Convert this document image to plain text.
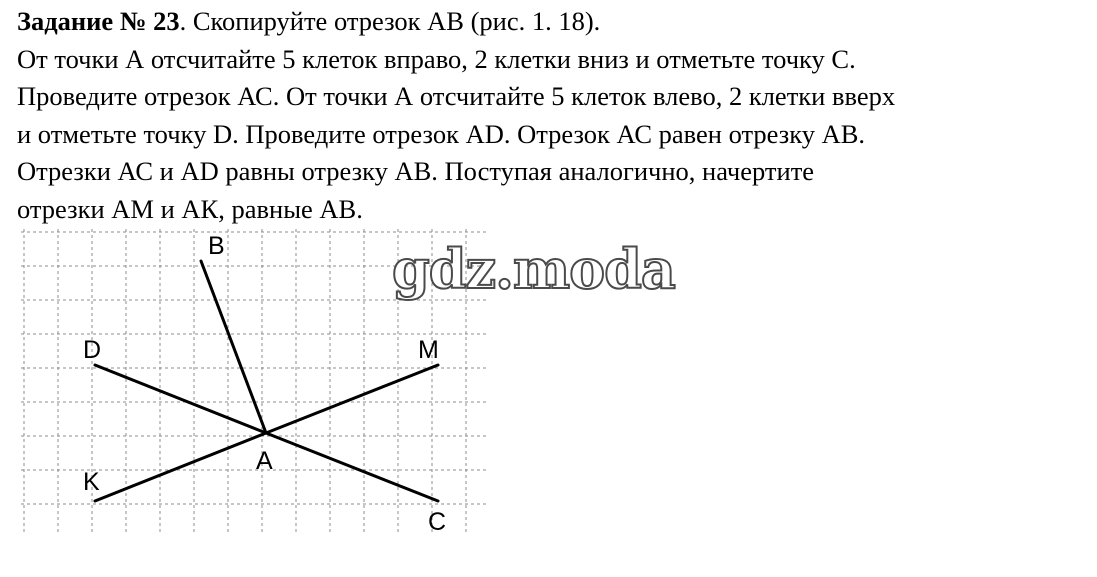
Задание № 23. Скопируйте отрезок АВ (рис. 1. 18).
От точки А отсчитайте 5 клеток вправо, 2 клетки вниз и отметьте точку С.
Проведите отрезок АС. От точки А отсчитайте 5 клеток влево, 2 клетки вверх
и отметьте точку D. Проведите отрезок AD. Отрезок АС равен отрезку АВ.
Отрезки АС и AD равны отрезку АВ. Поступая аналогично, начертите
отрезки АМ и АК, равные АВ.
B
D	M
A
K
C
gdz.moda
